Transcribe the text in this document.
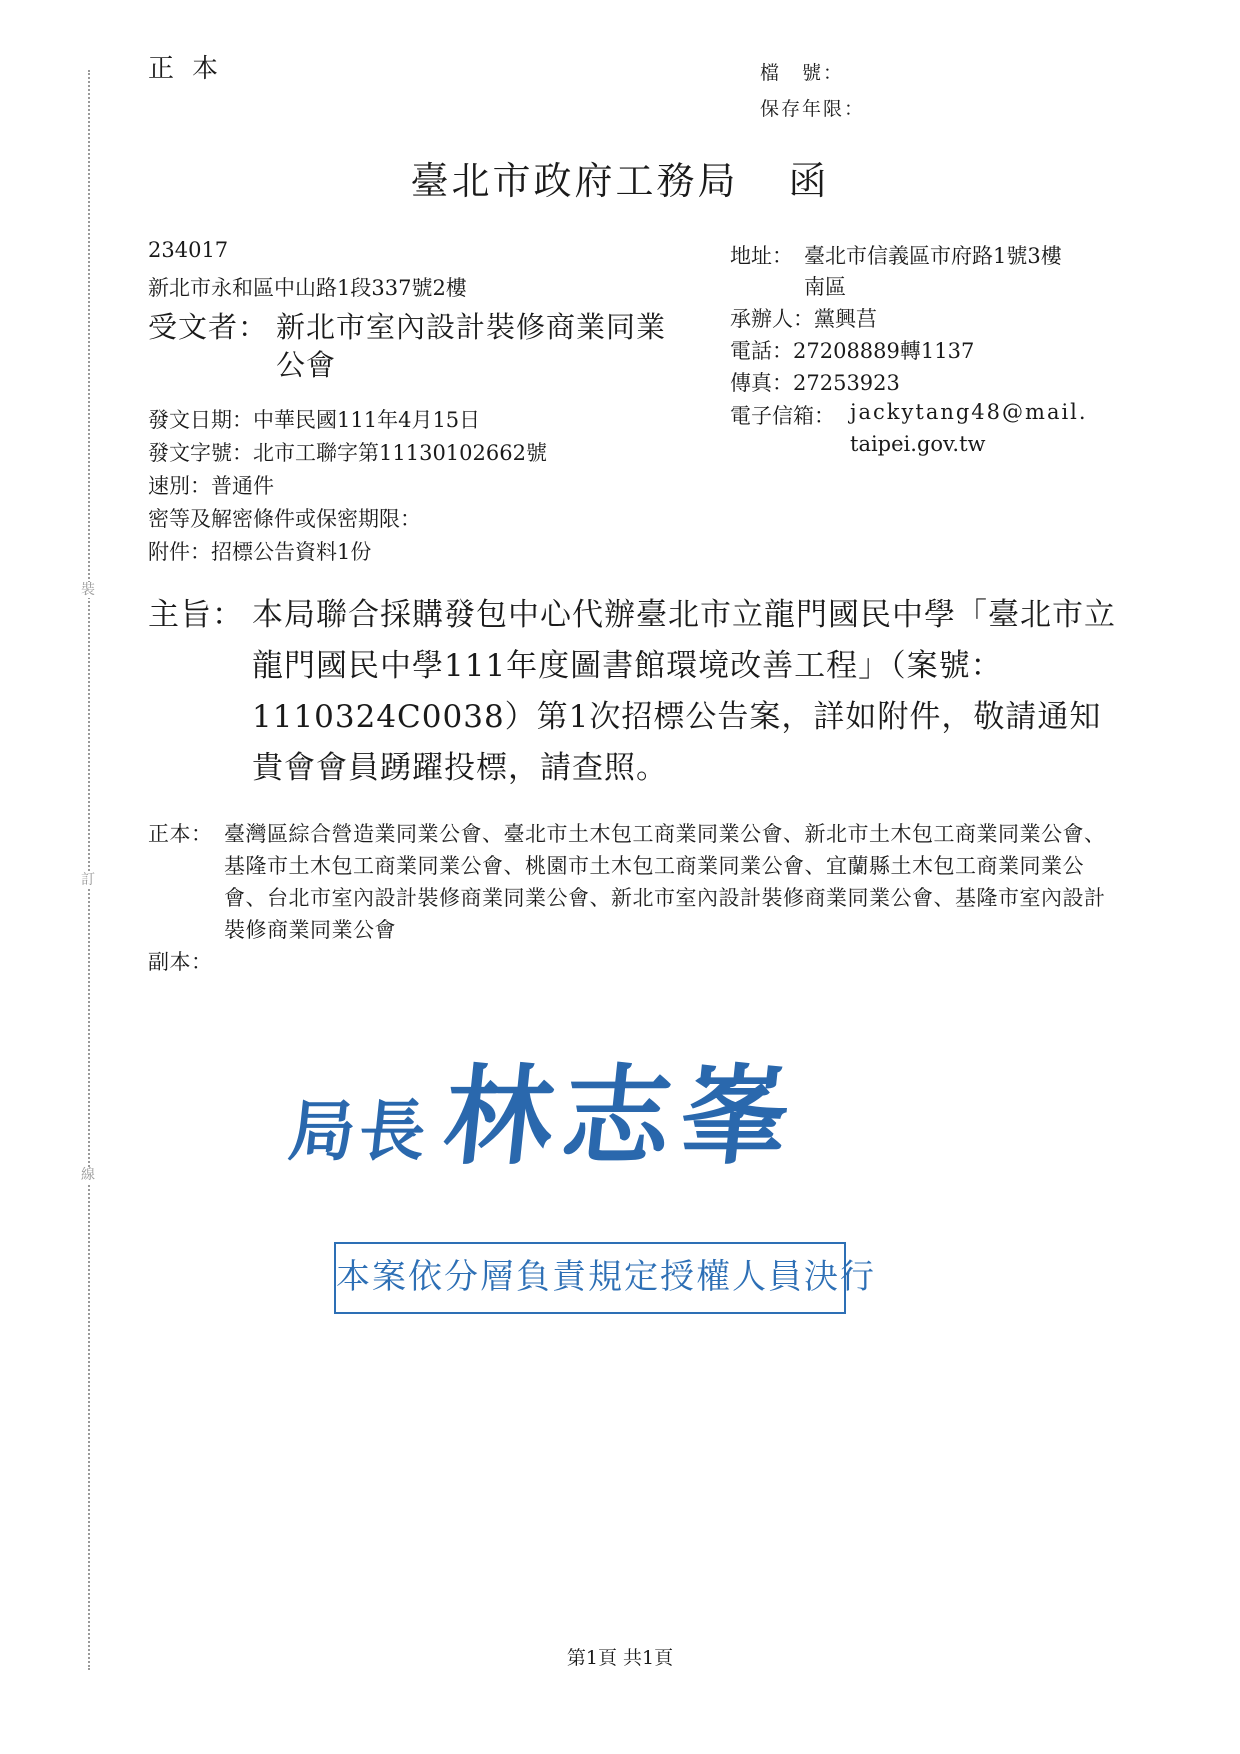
裝
訂
線
正本	檔　號：
保存年限：
臺北市政府工務局 函
234017
新北市永和區中山路1段337號2樓
受文者： 新北市室內設計裝修商業同業
公會
地址： 臺北市信義區市府路1號3樓
南區
承辦人：黨興莒
電話：27208889轉1137
傳真：27253923
電子信箱： jackytang48@mail.
taipei.gov.tw
發文日期：中華民國111年4月15日
發文字號：北市工聯字第11130102662號
速別：普通件
密等及解密條件或保密期限：
附件：招標公告資料1份
主旨： 本局聯合採購發包中心代辦臺北市立龍門國民中學「臺北市立龍門國民中學111年度圖書館環境改善工程」（案號：1110324C0038）第1次招標公告案，詳如附件，敬請通知貴會會員踴躍投標，請查照。
正本： 臺灣區綜合營造業同業公會、臺北市土木包工商業同業公會、新北市土木包工商業同業公會、基隆市土木包工商業同業公會、桃園市土木包工商業同業公會、宜蘭縣土木包工商業同業公會、台北市室內設計裝修商業同業公會、新北市室內設計裝修商業同業公會、基隆市室內設計裝修商業同業公會
副本：
局長林志峯
本案依分層負責規定授權人員決行
第1頁 共1頁
